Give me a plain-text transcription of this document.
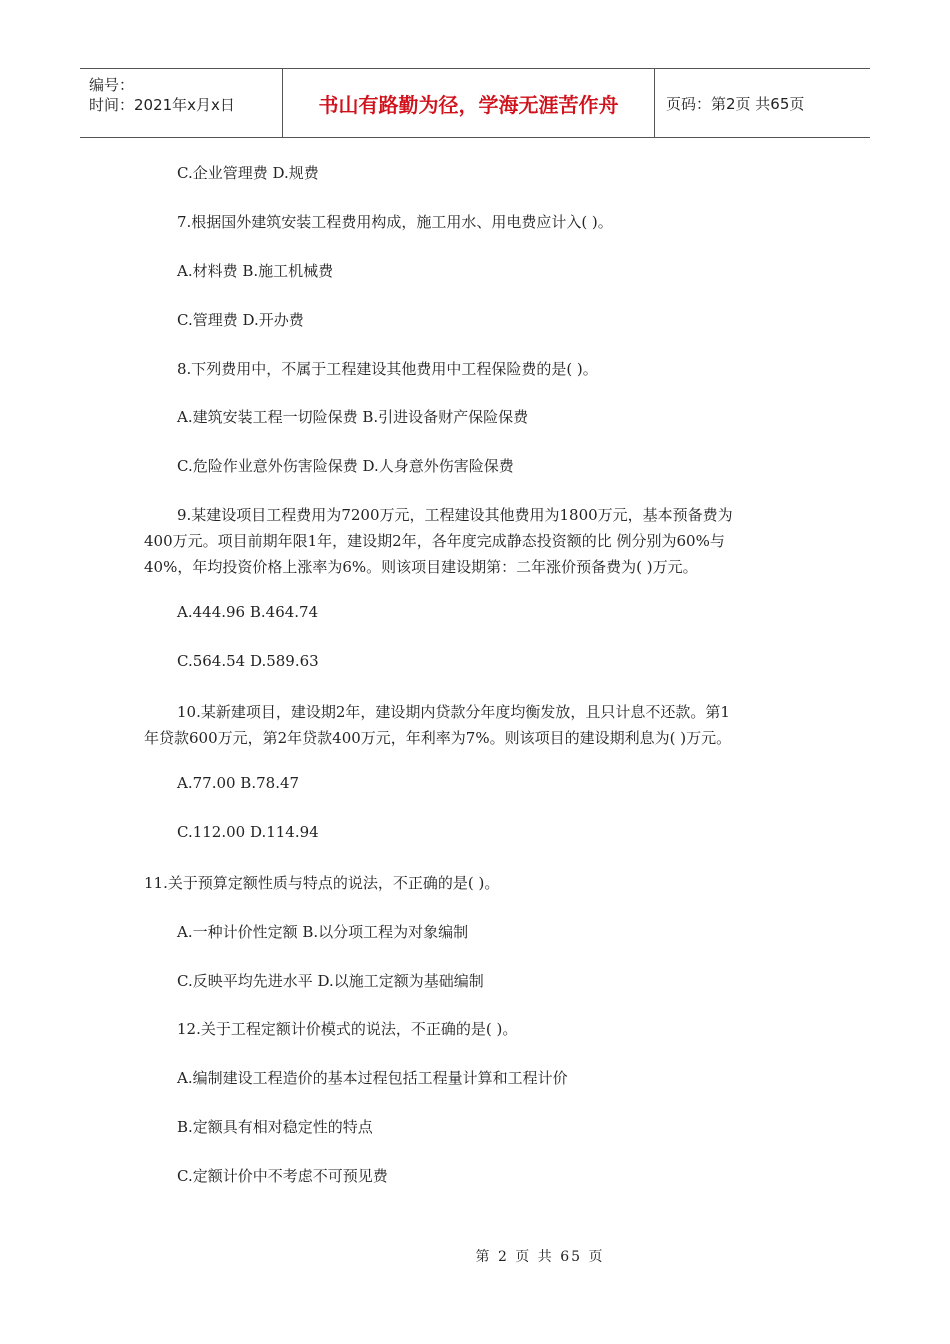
编号：
时间：2021年x月x日	书山有路勤为径，学海无涯苦作舟	页码：第2页 共65页
C.企业管理费 D.规费
7.根据国外建筑安装工程费用构成，施工用水、用电费应计入( )。
A.材料费 B.施工机械费
C.管理费 D.开办费
8.下列费用中，不属于工程建设其他费用中工程保险费的是( )。
A.建筑安装工程一切险保费 B.引进设备财产保险保费
C.危险作业意外伤害险保费 D.人身意外伤害险保费
9.某建设项目工程费用为7200万元，工程建设其他费用为1800万元，基本预备费为
400万元。项目前期年限1年，建设期2年，各年度完成静态投资额的比 例分别为60%与
40%，年均投资价格上涨率为6%。则该项目建设期第：二年涨价预备费为( )万元。
A.444.96 B.464.74
C.564.54 D.589.63
10.某新建项目，建设期2年，建设期内贷款分年度均衡发放，且只计息不还款。第1
年贷款600万元，第2年贷款400万元，年利率为7%。则该项目的建设期利息为( )万元。
A.77.00 B.78.47
C.112.00 D.114.94
11.关于预算定额性质与特点的说法，不正确的是( )。
A.一种计价性定额 B.以分项工程为对象编制
C.反映平均先进水平 D.以施工定额为基础编制
12.关于工程定额计价模式的说法，不正确的是( )。
A.编制建设工程造价的基本过程包括工程量计算和工程计价
B.定额具有相对稳定性的特点
C.定额计价中不考虑不可预见费
第 2 页 共 65 页
